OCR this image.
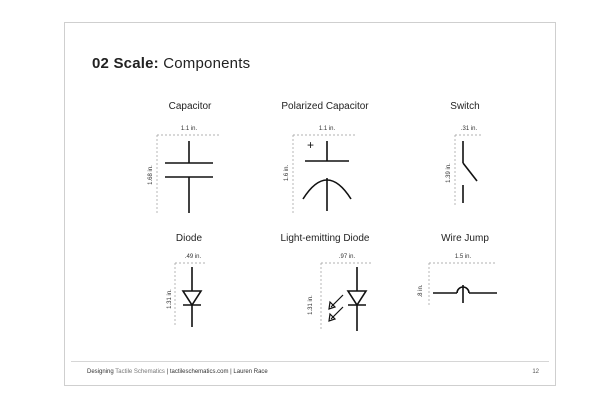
02 Scale: Components
Capacitor
1.1 in.
1.68 in.
Polarized Capacitor
1.1 in.
1.6 in.
+
Switch
.31 in.
1.39 in.
Diode
.49 in.
1.31 in.
Light-emitting Diode
.97 in.
1.31 in.
Wire Jump
1.5 in.
.8 in.
Designing Tactile Schematics | tactileschematics.com | Lauren Race	12
